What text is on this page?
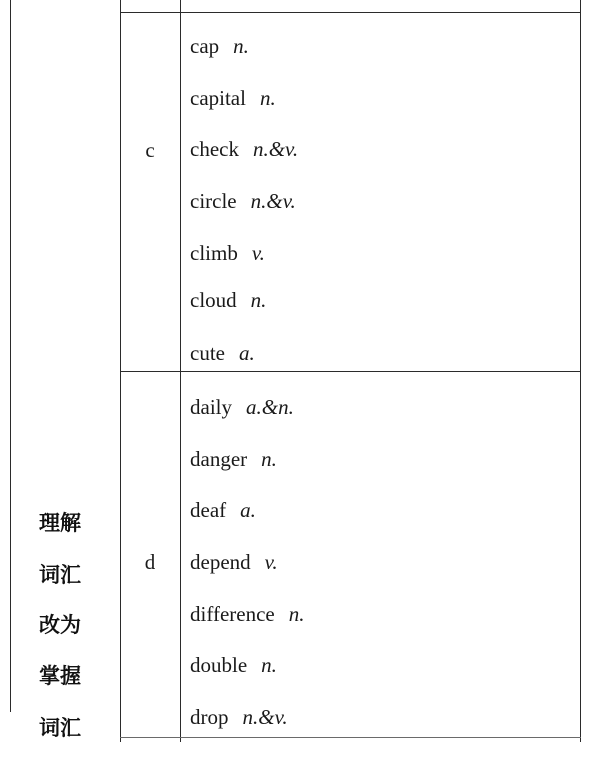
理解
词汇
改为
掌握
词汇
c
d
cap n.
capital n.
check n.&v.
circle n.&v.
climb v.
cloud n.
cute a.
daily a.&n.
danger n.
deaf a.
depend v.
difference n.
double n.
drop n.&v.
